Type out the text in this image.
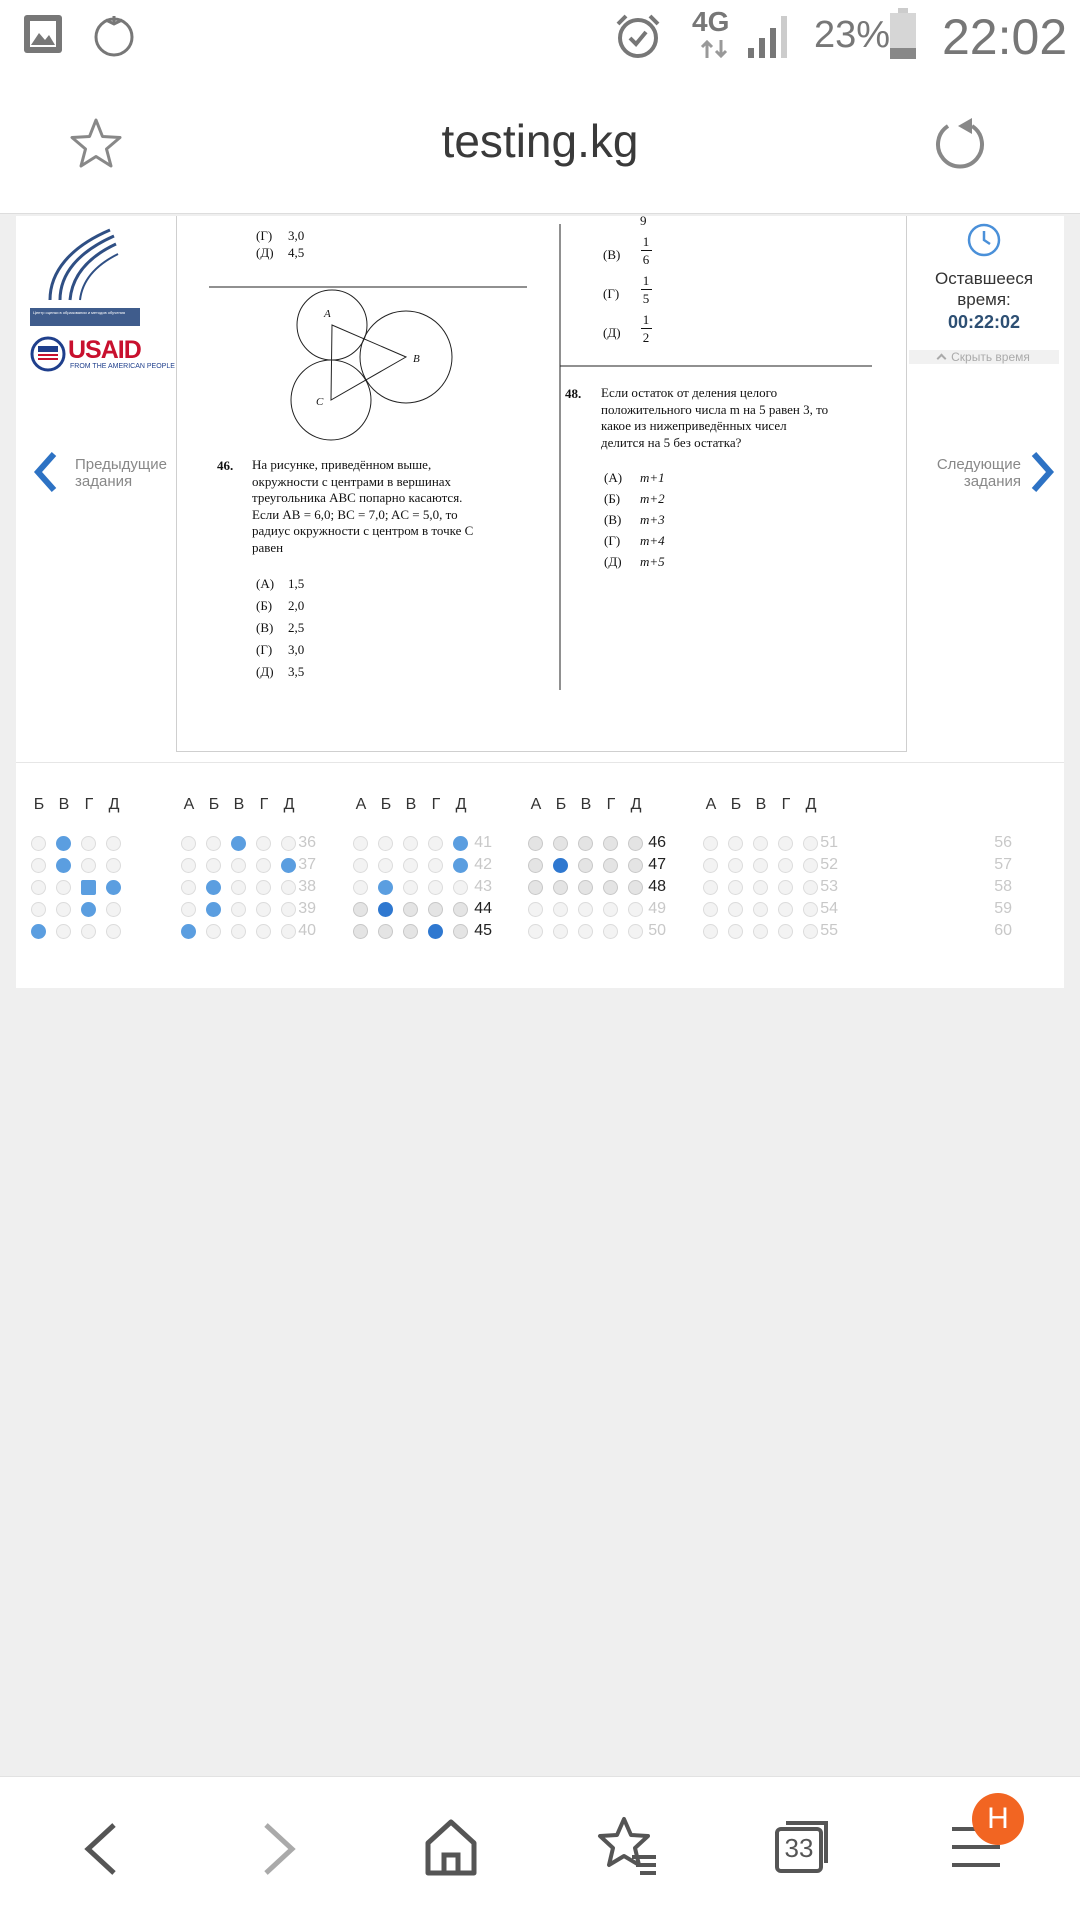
4G 23% 22:02
testing.kg
Центр оценки в образовании и методов обучения
USAID
FROM THE AMERICAN PEOPLE
Предыдущие
задания
A
B
C
(Г) 3,0
(Д) 4,5
46. На рисунке, приведённом выше,
окружности с центрами в вершинах
треугольника ABC попарно касаются.
Если AB = 6,0; BC = 7,0; AC = 5,0, то
радиус окружности с центром в точке C
равен
(А) 1,5
(Б) 2,0
(В) 2,5
(Г) 3,0
(Д) 3,5
9
(В)
1
6
(Г)
1
5
(Д)
1
2
48. Если остаток от деления целого
положительного числа m на 5 равен 3, то
какое из нижеприведённых чисел
делится на 5 без остатка?
(А) m+1
(Б) m+2
(В) m+3
(Г) m+4
(Д) m+5
Оставшееся
время:
00:22:02
Скрыть время
Следующие
задания
Б В Г Д	А Б В Г Д
36
37
38
39
40
А Б В Г Д
41
42
43
44
45
А Б В Г Д
46
47
48
49
50
А Б В Г Д
51
52
53
54
55
56
57
58
59
60
33
Н
